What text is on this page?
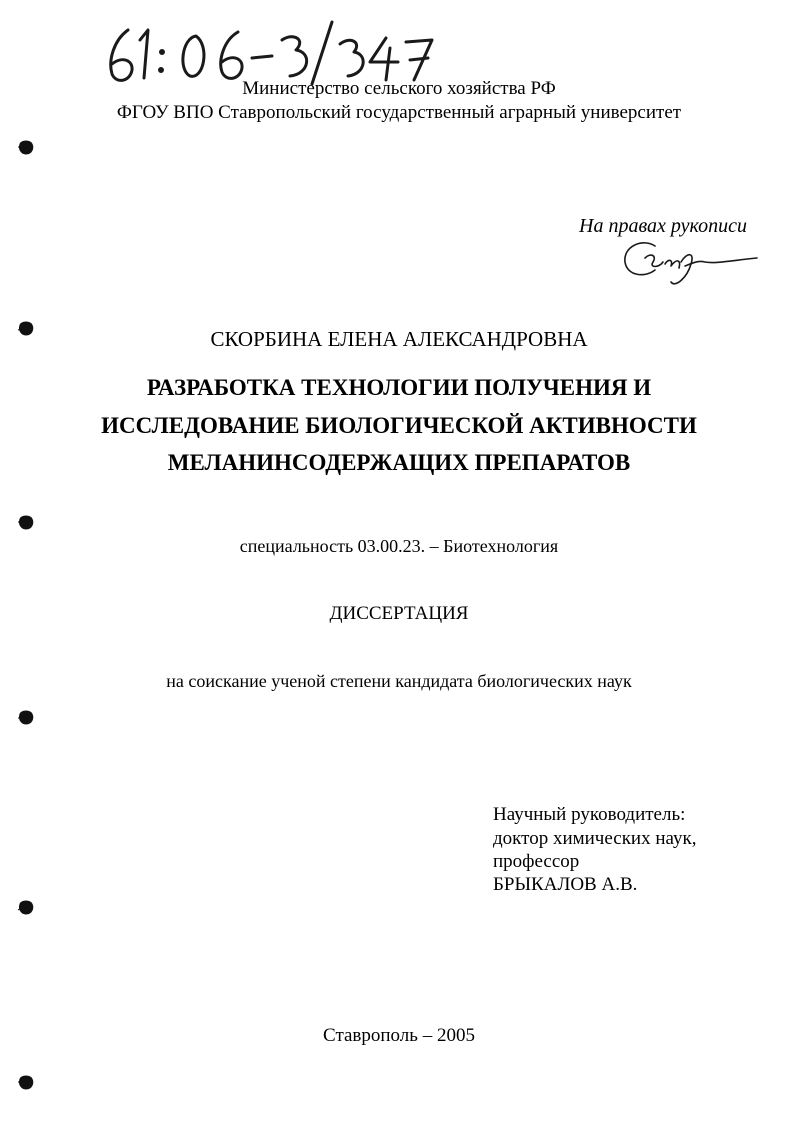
Министерство сельского хозяйства РФ
ФГОУ ВПО Ставропольский государственный аграрный университет
На правах рукописи
СКОРБИНА ЕЛЕНА АЛЕКСАНДРОВНА
РАЗРАБОТКА ТЕХНОЛОГИИ ПОЛУЧЕНИЯ И
ИССЛЕДОВАНИЕ БИОЛОГИЧЕСКОЙ АКТИВНОСТИ
МЕЛАНИНСОДЕРЖАЩИХ ПРЕПАРАТОВ
специальность 03.00.23. – Биотехнология
ДИССЕРТАЦИЯ
на соискание ученой степени кандидата биологических наук
Научный руководитель:
доктор химических наук,
профессор
БРЫКАЛОВ А.В.
Ставрополь – 2005
